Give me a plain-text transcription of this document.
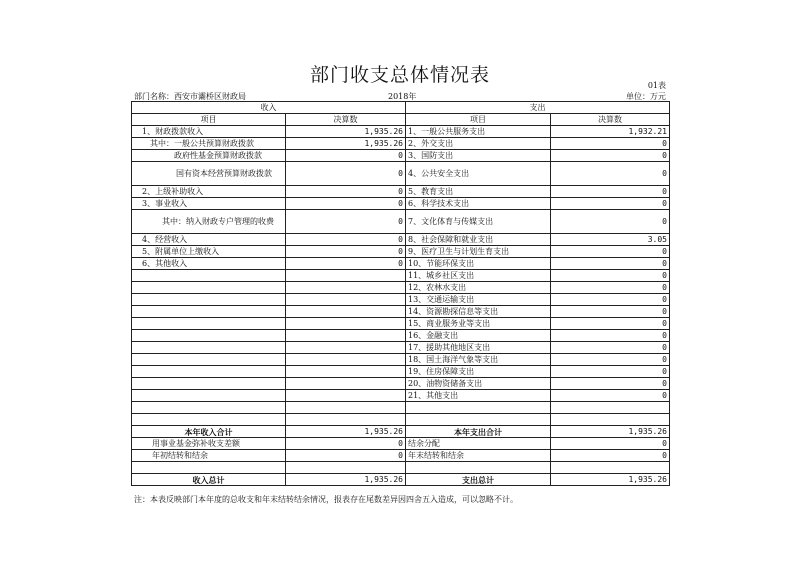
部门收支总体情况表	01表
部门名称：西安市灞桥区财政局	2018年	单位：万元
收入		支出	
项目	决算数	项目	决算数
1、财政拨款收入	1,935.26	1、一般公共服务支出	1,932.21
其中：一般公共预算财政拨款	1,935.26	2、外交支出	0
政府性基金预算财政拨款	0	3、国防支出	0
国有资本经营预算财政拨款	0	4、公共安全支出	0
2、上级补助收入	0	5、教育支出	0
3、事业收入	0	6、科学技术支出	0
其中：纳入财政专户管理的收费	0	7、文化体育与传媒支出	0
4、经营收入	0	8、社会保障和就业支出	3.05
5、附属单位上缴收入	0	9、医疗卫生与计划生育支出	0
6、其他收入	0	10、节能环保支出	0
		11、城乡社区支出	0
		12、农林水支出	0
		13、交通运输支出	0
		14、资源勘探信息等支出	0
		15、商业服务业等支出	0
		16、金融支出	0
		17、援助其他地区支出	0
		18、国土海洋气象等支出	0
		19、住房保障支出	0
		20、油物资储备支出	0
		21、其他支出	0

本年收入合计	1,935.26	本年支出合计	1,935.26
用事业基金弥补收支差额	0	结余分配	0
年初结转和结余	0	年末结转和结余	0

收入总计	1,935.26	支出总计	1,935.26
注：本表反映部门本年度的总收支和年末结转结余情况，报表存在尾数差异因四舍五入造成，可以忽略不计。
